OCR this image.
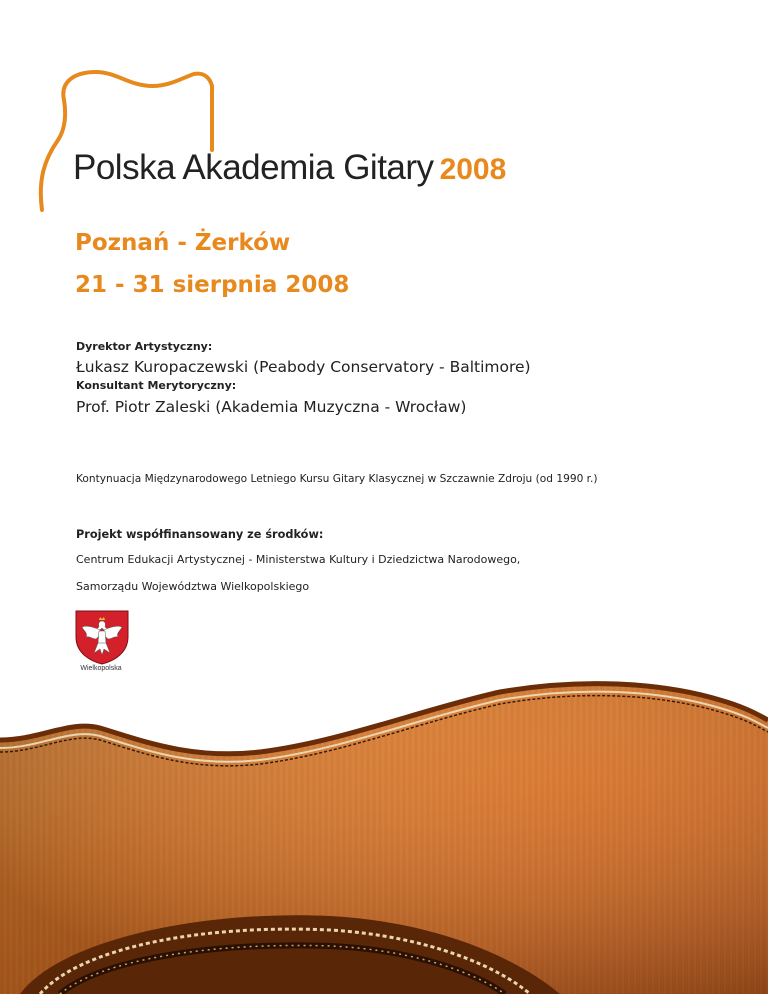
Polska Akademia Gitary 2008
Poznań - Żerków
21 - 31 sierpnia 2008
Dyrektor Artystyczny:
Łukasz Kuropaczewski (Peabody Conservatory - Baltimore)
Konsultant Merytoryczny:
Prof. Piotr Zaleski (Akademia Muzyczna - Wrocław)
Kontynuacja Międzynarodowego Letniego Kursu Gitary Klasycznej w Szczawnie Zdroju (od 1990 r.)
Projekt współfinansowany ze środków:
Centrum Edukacji Artystycznej - Ministerstwa Kultury i Dziedzictwa Narodowego,
Samorządu Województwa Wielkopolskiego
Wielkopolska
